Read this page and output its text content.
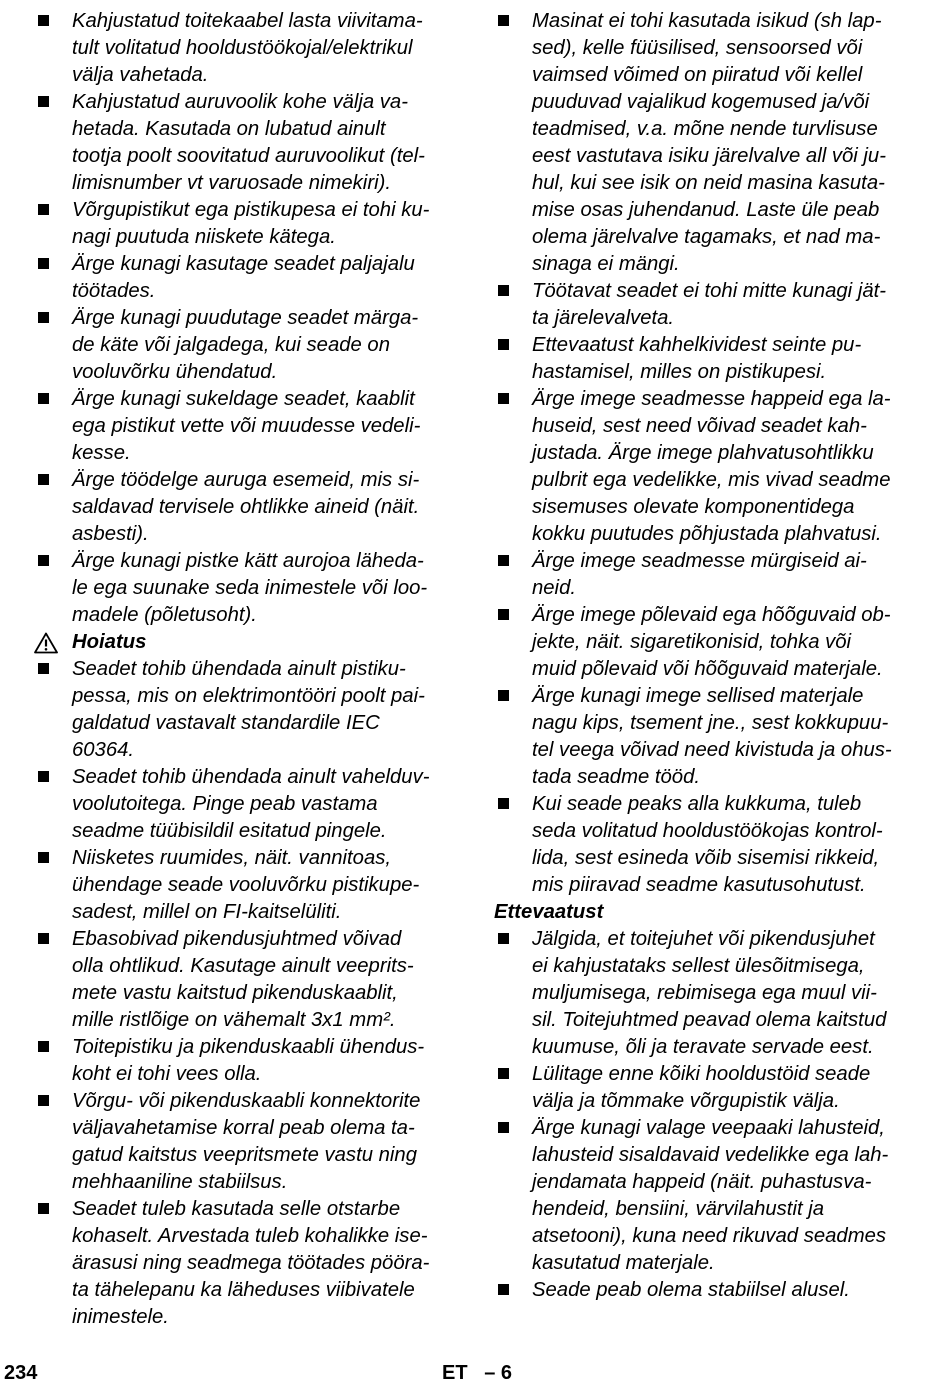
Kahjustatud toitekaabel lasta viivitama-
tult volitatud hooldustöökojal/elektrikul
välja vahetada.
Kahjustatud auruvoolik kohe välja va-
hetada. Kasutada on lubatud ainult
tootja poolt soovitatud auruvoolikut (tel-
limisnumber vt varuosade nimekiri).
Võrgupistikut ega pistikupesa ei tohi ku-
nagi puutuda niiskete kätega.
Ärge kunagi kasutage seadet paljajalu
töötades.
Ärge kunagi puudutage seadet märga-
de käte või jalgadega, kui seade on
vooluvõrku ühendatud.
Ärge kunagi sukeldage seadet, kaablit
ega pistikut vette või muudesse vedeli-
kesse.
Ärge töödelge auruga esemeid, mis si-
saldavad tervisele ohtlikke aineid (näit.
asbesti).
Ärge kunagi pistke kätt aurojoa läheda-
le ega suunake seda inimestele või loo-
madele (põletusoht).
Hoiatus
Seadet tohib ühendada ainult pistiku-
pessa, mis on elektrimontööri poolt pai-
galdatud vastavalt standardile IEC
60364.
Seadet tohib ühendada ainult vahelduv-
voolutoitega. Pinge peab vastama
seadme tüübisildil esitatud pingele.
Niisketes ruumides, näit. vannitoas,
ühendage seade vooluvõrku pistikupe-
sadest, millel on FI-kaitselüliti.
Ebasobivad pikendusjuhtmed võivad
olla ohtlikud. Kasutage ainult veeprits-
mete vastu kaitstud pikenduskaablit,
mille ristlõige on vähemalt 3x1 mm².
Toitepistiku ja pikenduskaabli ühendus-
koht ei tohi vees olla.
Võrgu- või pikenduskaabli konnektorite
väljavahetamise korral peab olema ta-
gatud kaitstus veepritsmete vastu ning
mehhaaniline stabiilsus.
Seadet tuleb kasutada selle otstarbe
kohaselt. Arvestada tuleb kohalikke ise-
ärasusi ning seadmega töötades pööra-
ta tähelepanu ka läheduses viibivatele
inimestele.
Masinat ei tohi kasutada isikud (sh lap-
sed), kelle füüsilised, sensoorsed või
vaimsed võimed on piiratud või kellel
puuduvad vajalikud kogemused ja/või
teadmised, v.a. mõne nende turvlisuse
eest vastutava isiku järelvalve all või ju-
hul, kui see isik on neid masina kasuta-
mise osas juhendanud. Laste üle peab
olema järelvalve tagamaks, et nad ma-
sinaga ei mängi.
Töötavat seadet ei tohi mitte kunagi jät-
ta järelevalveta.
Ettevaatust kahhelkividest seinte pu-
hastamisel, milles on pistikupesi.
Ärge imege seadmesse happeid ega la-
huseid, sest need võivad seadet kah-
justada. Ärge imege plahvatusohtlikku
pulbrit ega vedelikke, mis vivad seadme
sisemuses olevate komponentidega
kokku puutudes põhjustada plahvatusi.
Ärge imege seadmesse mürgiseid ai-
neid.
Ärge imege põlevaid ega hõõguvaid ob-
jekte, näit. sigaretikonisid, tohka või
muid põlevaid või hõõguvaid materjale.
Ärge kunagi imege sellised materjale
nagu kips, tsement jne., sest kokkupuu-
tel veega võivad need kivistuda ja ohus-
tada seadme tööd.
Kui seade peaks alla kukkuma, tuleb
seda volitatud hooldustöökojas kontrol-
lida, sest esineda võib sisemisi rikkeid,
mis piiravad seadme kasutusohutust.
Ettevaatust
Jälgida, et toitejuhet või pikendusjuhet
ei kahjustataks sellest ülesõitmisega,
muljumisega, rebimisega ega muul vii-
sil. Toitejuhtmed peavad olema kaitstud
kuumuse, õli ja teravate servade eest.
Lülitage enne kõiki hooldustöid seade
välja ja tõmmake võrgupistik välja.
Ärge kunagi valage veepaaki lahusteid,
lahusteid sisaldavaid vedelikke ega lah-
jendamata happeid (näit. puhastusva-
hendeid, bensiini, värvilahustit ja
atsetooni), kuna need rikuvad seadmes
kasutatud materjale.
Seade peab olema stabiilsel alusel.
234	ET   – 6
